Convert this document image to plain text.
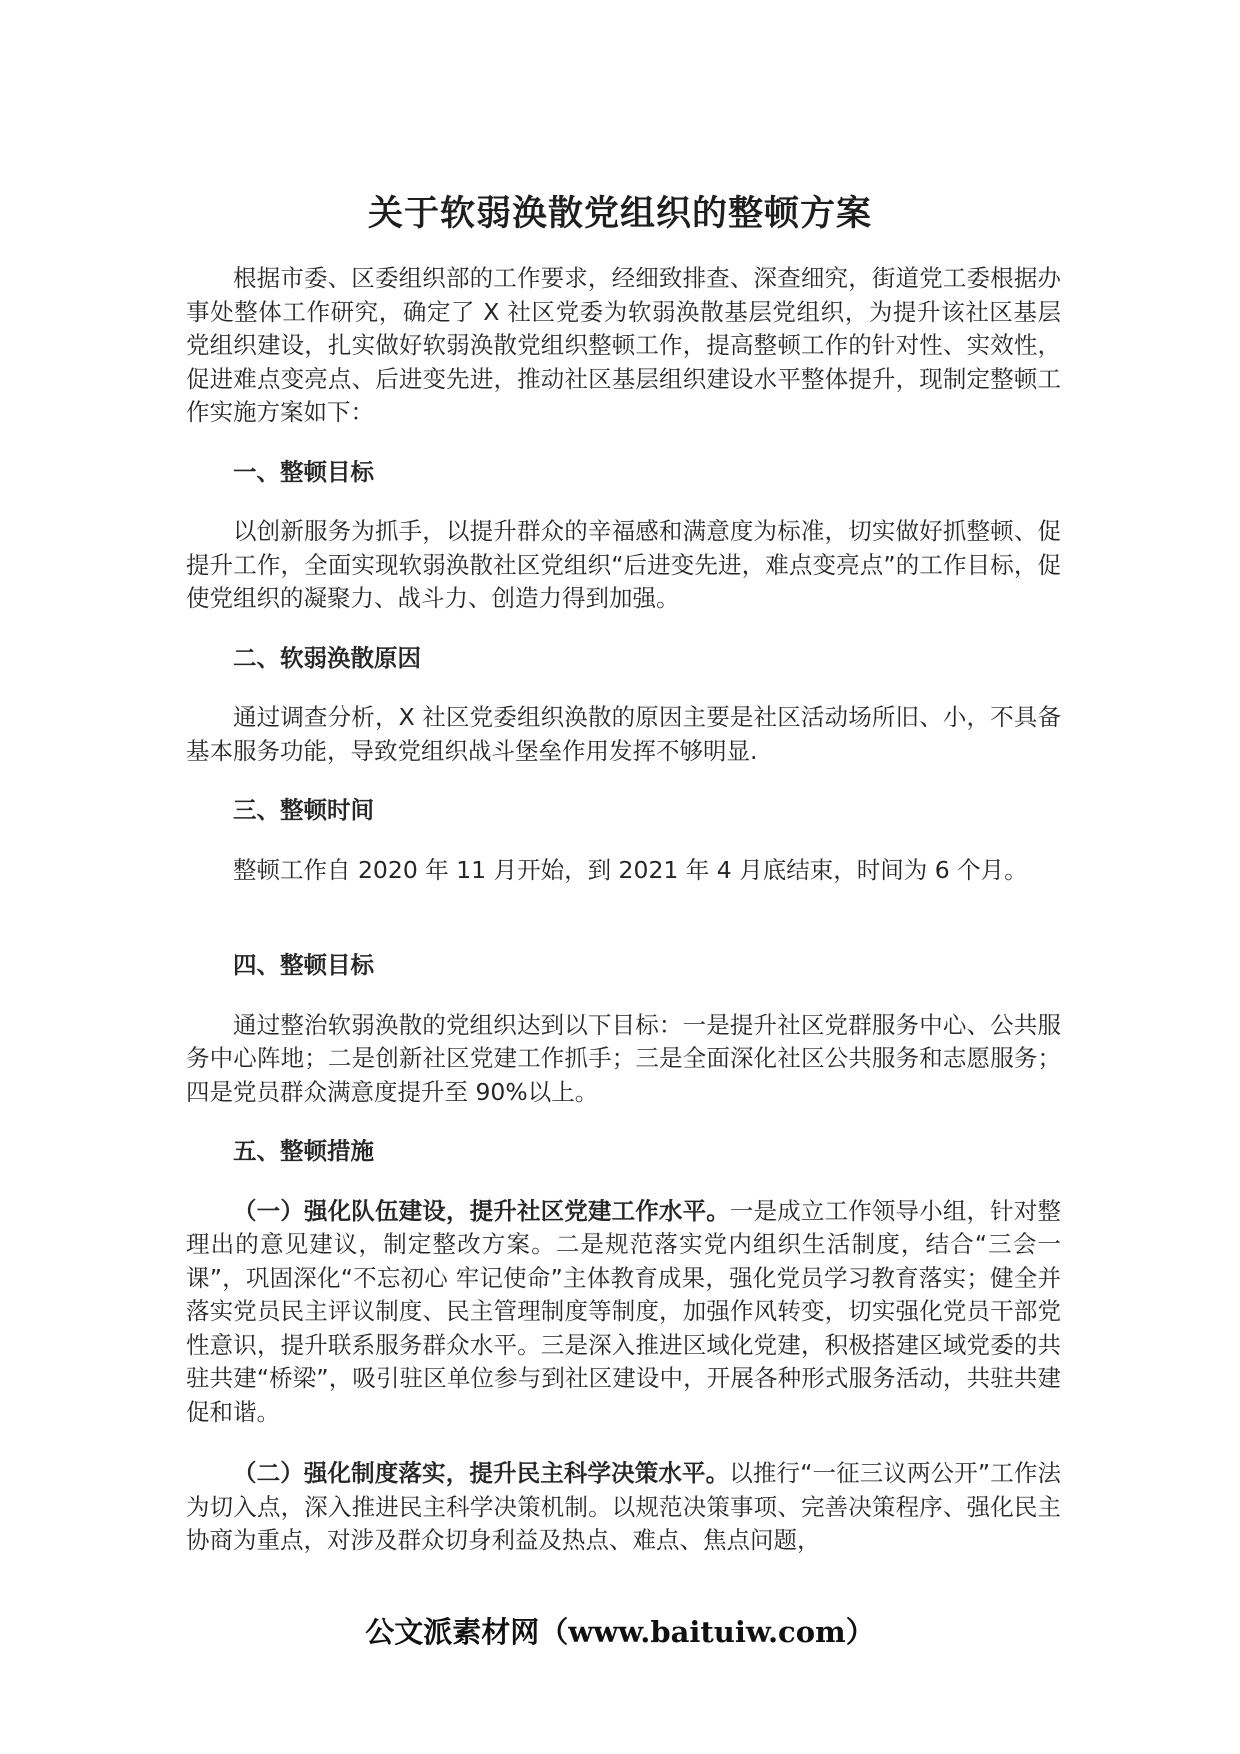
关于软弱涣散党组织的整顿方案

根据市委、区委组织部的工作要求，经细致排查、深查细究，街道党工委根据办事处整体工作研究，确定了 X 社区党委为软弱涣散基层党组织，为提升该社区基层党组织建设，扎实做好软弱涣散党组织整顿工作，提高整顿工作的针对性、实效性，促进难点变亮点、后进变先进，推动社区基层组织建设水平整体提升，现制定整顿工作实施方案如下：

一、整顿目标

以创新服务为抓手，以提升群众的辛福感和满意度为标准，切实做好抓整顿、促提升工作，全面实现软弱涣散社区党组织“后进变先进，难点变亮点”的工作目标，促使党组织的凝聚力、战斗力、创造力得到加强。

二、软弱涣散原因

通过调查分析，X 社区党委组织涣散的原因主要是社区活动场所旧、小，不具备基本服务功能，导致党组织战斗堡垒作用发挥不够明显.

三、整顿时间

整顿工作自 2020 年 11 月开始，到 2021 年 4 月底结束，时间为 6 个月。

四、整顿目标

通过整治软弱涣散的党组织达到以下目标：一是提升社区党群服务中心、公共服务中心阵地；二是创新社区党建工作抓手；三是全面深化社区公共服务和志愿服务；四是党员群众满意度提升至 90%以上。

五、整顿措施

（一）强化队伍建设，提升社区党建工作水平。一是成立工作领导小组，针对整理出的意见建议，制定整改方案。二是规范落实党内组织生活制度，结合“三会一课”，巩固深化“不忘初心 牢记使命”主体教育成果，强化党员学习教育落实；健全并落实党员民主评议制度、民主管理制度等制度，加强作风转变，切实强化党员干部党性意识，提升联系服务群众水平。三是深入推进区域化党建，积极搭建区域党委的共驻共建“桥梁”，吸引驻区单位参与到社区建设中，开展各种形式服务活动，共驻共建促和谐。

（二）强化制度落实，提升民主科学决策水平。以推行“一征三议两公开”工作法为切入点，深入推进民主科学决策机制。以规范决策事项、完善决策程序、强化民主协商为重点，对涉及群众切身利益及热点、难点、焦点问题，

公文派素材网（www.baituiw.com）
